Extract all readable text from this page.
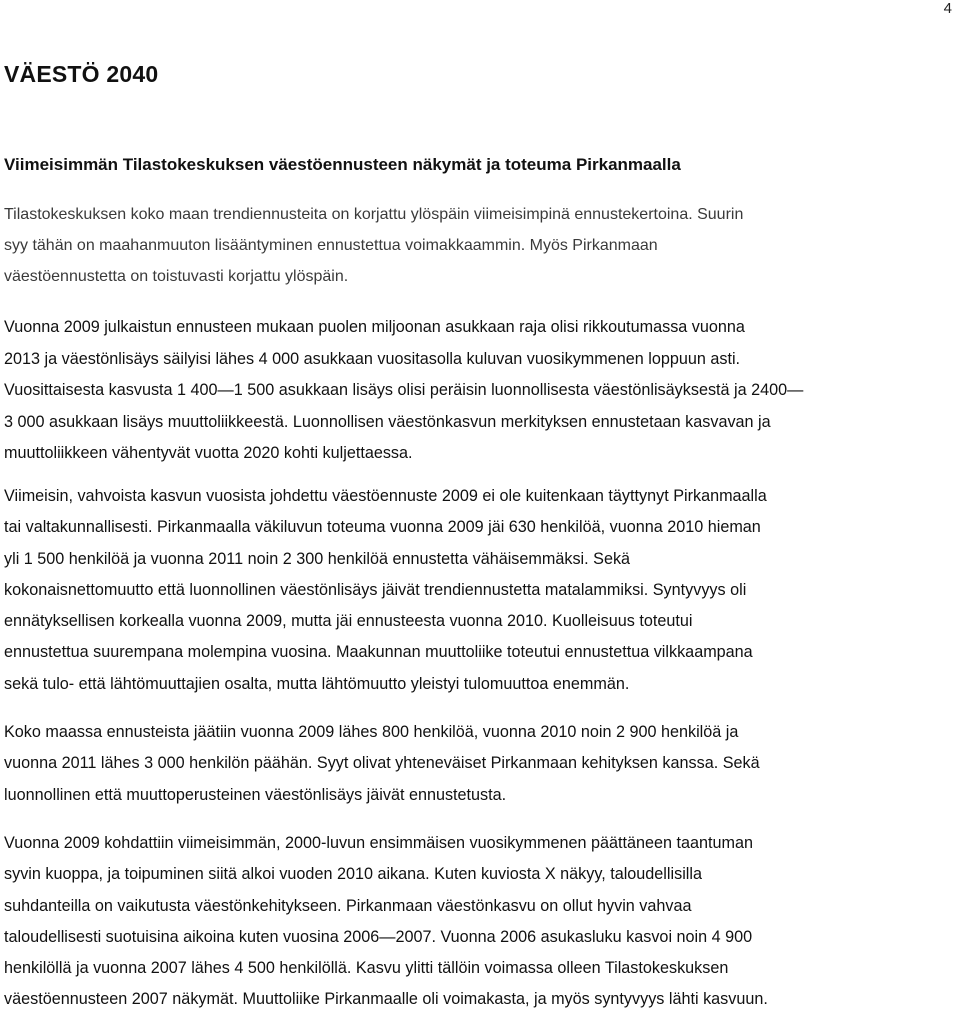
4
VÄESTÖ 2040
Viimeisimmän Tilastokeskuksen väestöennusteen näkymät ja toteuma Pirkanmaalla

Tilastokeskuksen koko maan trendiennusteita on korjattu ylöspäin viimeisimpinä ennustekertoina. Suurin
syy tähän on maahanmuuton lisääntyminen ennustettua voimakkaammin. Myös Pirkanmaan
väestöennustetta on toistuvasti korjattu ylöspäin.

Vuonna 2009 julkaistun ennusteen mukaan puolen miljoonan asukkaan raja olisi rikkoutumassa vuonna
2013 ja väestönlisäys säilyisi lähes 4 000 asukkaan vuositasolla kuluvan vuosikymmenen loppuun asti.
Vuosittaisesta kasvusta 1 400—1 500 asukkaan lisäys olisi peräisin luonnollisesta väestönlisäyksestä ja 2400—
3 000 asukkaan lisäys muuttoliikkeestä. Luonnollisen väestönkasvun merkityksen ennustetaan kasvavan ja
muuttoliikkeen vähentyvät vuotta 2020 kohti kuljettaessa.

Viimeisin, vahvoista kasvun vuosista johdettu väestöennuste 2009 ei ole kuitenkaan täyttynyt Pirkanmaalla
tai valtakunnallisesti. Pirkanmaalla väkiluvun toteuma vuonna 2009 jäi 630 henkilöä, vuonna 2010 hieman
yli 1 500 henkilöä ja vuonna 2011 noin 2 300 henkilöä ennustetta vähäisemmäksi. Sekä
kokonaisnettomuutto että luonnollinen väestönlisäys jäivät trendiennustetta matalammiksi. Syntyvyys oli
ennätyksellisen korkealla vuonna 2009, mutta jäi ennusteesta vuonna 2010. Kuolleisuus toteutui
ennustettua suurempana molempina vuosina. Maakunnan muuttoliike toteutui ennustettua vilkkaampana
sekä tulo- että lähtömuuttajien osalta, mutta lähtömuutto yleistyi tulomuuttoa enemmän.

Koko maassa ennusteista jäätiin vuonna 2009 lähes 800 henkilöä, vuonna 2010 noin 2 900 henkilöä ja
vuonna 2011 lähes 3 000 henkilön päähän. Syyt olivat yhteneväiset Pirkanmaan kehityksen kanssa. Sekä
luonnollinen että muuttoperusteinen väestönlisäys jäivät ennustetusta.

Vuonna 2009 kohdattiin viimeisimmän, 2000-luvun ensimmäisen vuosikymmenen päättäneen taantuman
syvin kuoppa, ja toipuminen siitä alkoi vuoden 2010 aikana. Kuten kuviosta X näkyy, taloudellisilla
suhdanteilla on vaikutusta väestönkehitykseen. Pirkanmaan väestönkasvu on ollut hyvin vahvaa
taloudellisesti suotuisina aikoina kuten vuosina 2006—2007. Vuonna 2006 asukasluku kasvoi noin 4 900
henkilöllä ja vuonna 2007 lähes 4 500 henkilöllä. Kasvu ylitti tällöin voimassa olleen Tilastokeskuksen
väestöennusteen 2007 näkymät. Muuttoliike Pirkanmaalle oli voimakasta, ja myös syntyvyys lähti kasvuun.
